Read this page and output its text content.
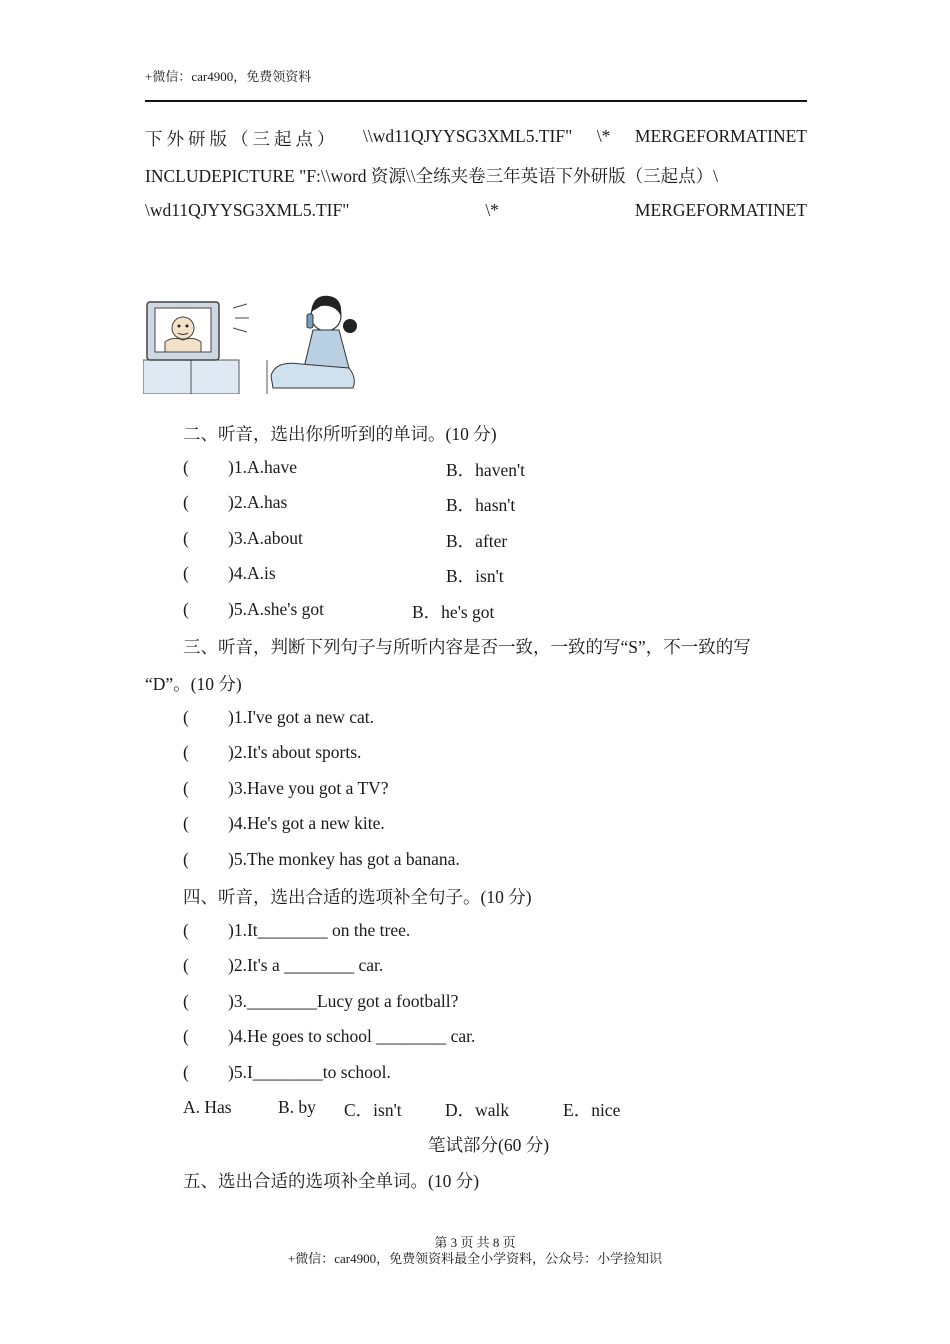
+微信：car4900，免费领资料
下外研版（三起点） \\wd11QJYYSG3XML5.TIF" \* MERGEFORMATINET
INCLUDEPICTURE "F:\\word 资源\\全练夹卷三年英语下外研版（三起点）\
\wd11QJYYSG3XML5.TIF"	\*	MERGEFORMATINET
二、听音，选出你所听到的单词。(10 分)
( )1.A.have	B．haven't
( )2.A.has	B．hasn't
( )3.A.about	B．after
( )4.A.is	B．isn't
( )5.A.she's got	B．he's got
三、听音，判断下列句子与所听内容是否一致，一致的写“S”，不一致的写
“D”。(10 分)
( )1.I've got a new cat.
( )2.It's about sports.
( )3.Have you got a TV?
( )4.He's got a new kite.
( )5.The monkey has got a banana.
四、听音，选出合适的选项补全句子。(10 分)
( )1.It________ on the tree.
( )2.It's a ________ car.
( )3.________Lucy got a football?
( )4.He goes to school ________ car.
( )5.I________to school.
A. Has	B. by C．isn't D．walk	E．nice
笔试部分(60 分)
五、选出合适的选项补全单词。(10 分)
第 3 页 共 8 页
+微信：car4900，免费领资料最全小学资料，公众号：小学捡知识
